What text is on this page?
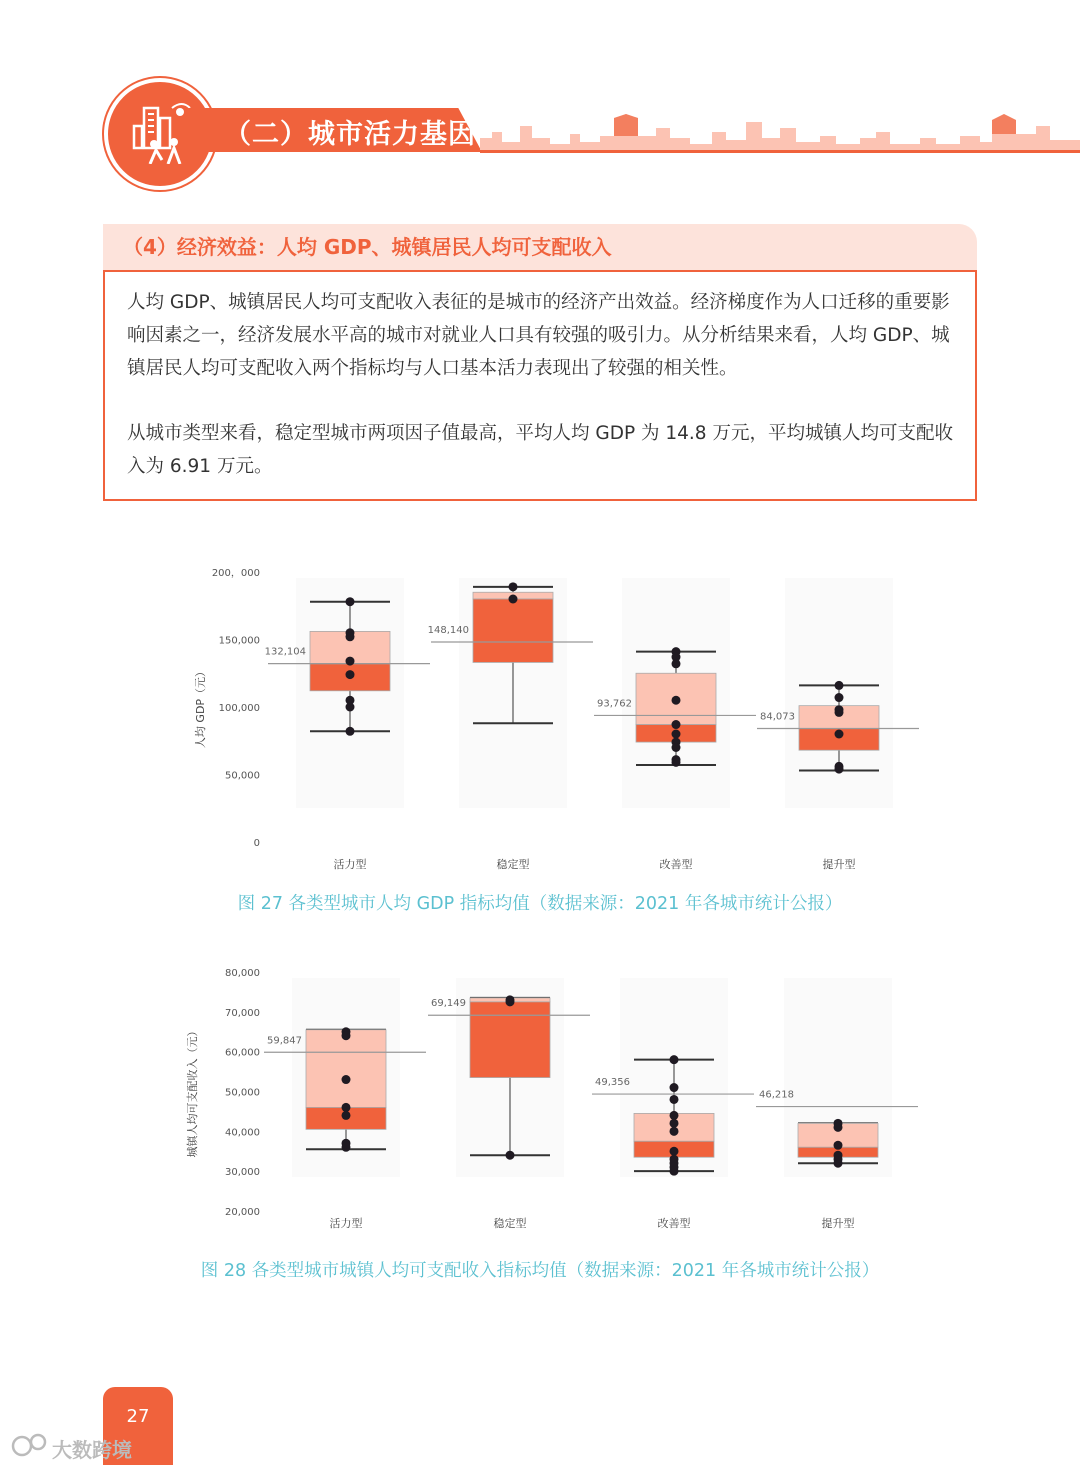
（二）城市活力基因
（4）经济效益：人均 GDP、城镇居民人均可支配收入

人均 GDP、城镇居民人均可支配收入表征的是城市的经济产出效益。经济梯度作为人口迁移的重要影响因素之一，经济发展水平高的城市对就业人口具有较强的吸引力。从分析结果来看，人均 GDP、城镇居民人均可支配收入两个指标均与人口基本活力表现出了较强的相关性。

从城市类型来看，稳定型城市两项因子值最高，平均人均 GDP 为 14.8 万元，平均城镇人均可支配收入为 6.91 万元。

0
50,000
100,000
150,000
200，000
人均 GDP（元）
132,104
活力型
148,140
稳定型
93,762
改善型
84,073
提升型
图 27 各类型城市人均 GDP 指标均值（数据来源：2021 年各城市统计公报）
20,000
30,000
40,000
50,000
60,000
70,000
80,000
城镇人均可支配收入（元）	59,847
活力型
69,149
稳定型
49,356
改善型
46,218
提升型
图 28 各类型城市城镇人均可支配收入指标均值（数据来源：2021 年各城市统计公报）
27
大数跨境
